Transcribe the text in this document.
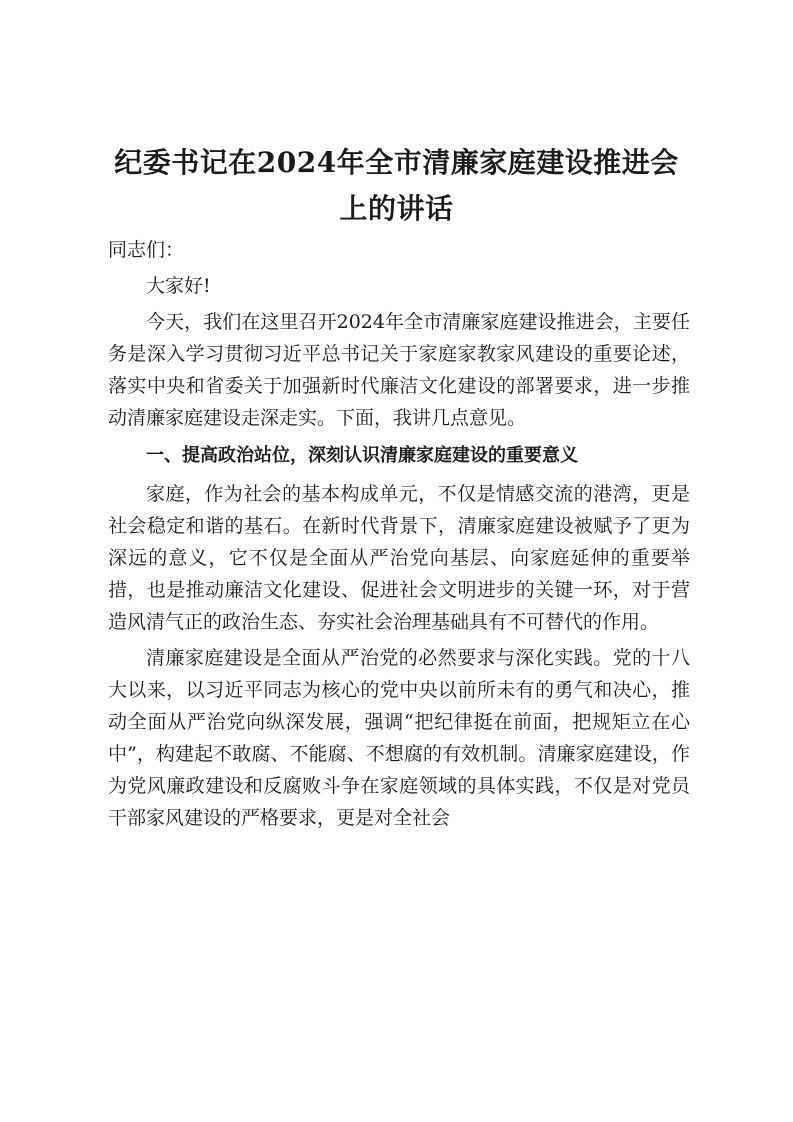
纪委书记在2024年全市清廉家庭建设推进会
上的讲话

同志们：

大家好!

今天，我们在这里召开2024年全市清廉家庭建设推进会，主要任务是深入学习贯彻习近平总书记关于家庭家教家风建设的重要论述，落实中央和省委关于加强新时代廉洁文化建设的部署要求，进一步推动清廉家庭建设走深走实。下面，我讲几点意见。

一、提高政治站位，深刻认识清廉家庭建设的重要意义

家庭，作为社会的基本构成单元，不仅是情感交流的港湾，更是社会稳定和谐的基石。在新时代背景下，清廉家庭建设被赋予了更为深远的意义，它不仅是全面从严治党向基层、向家庭延伸的重要举措，也是推动廉洁文化建设、促进社会文明进步的关键一环，对于营造风清气正的政治生态、夯实社会治理基础具有不可替代的作用。

清廉家庭建设是全面从严治党的必然要求与深化实践。党的十八大以来，以习近平同志为核心的党中央以前所未有的勇气和决心，推动全面从严治党向纵深发展，强调“把纪律挺在前面，把规矩立在心中”，构建起不敢腐、不能腐、不想腐的有效机制。清廉家庭建设，作为党风廉政建设和反腐败斗争在家庭领域的具体实践，不仅是对党员干部家风建设的严格要求，更是对全社会
